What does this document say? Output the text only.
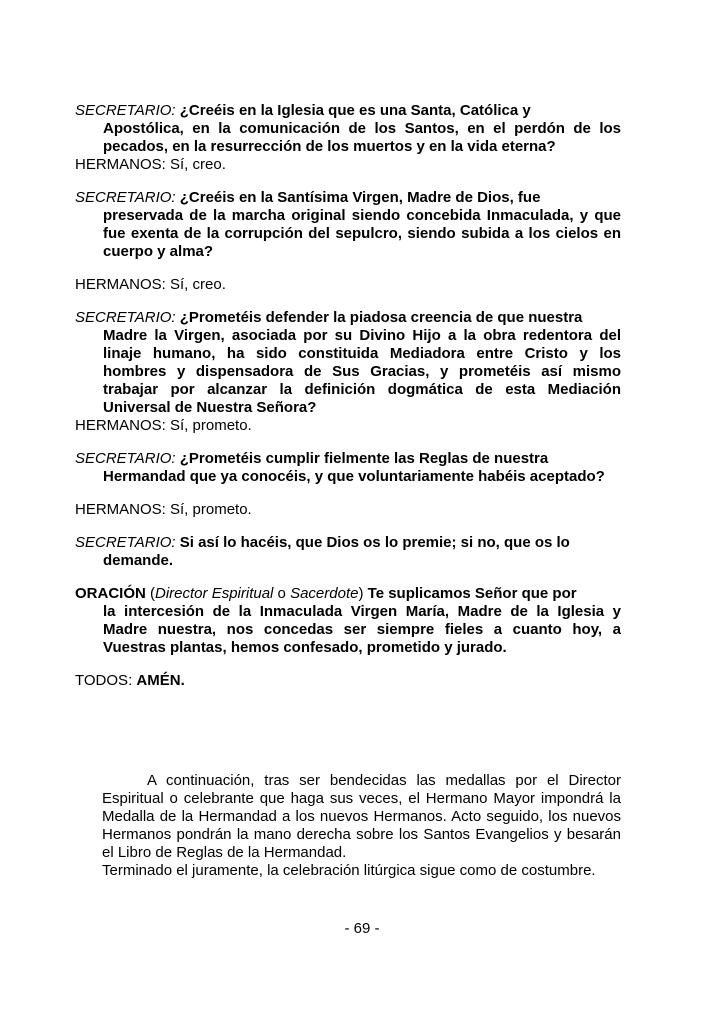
SECRETARIO: ¿Creéis en la Iglesia que es una Santa, Católica y
Apostólica, en la comunicación de los Santos, en el perdón de los pecados, en la resurrección de los muertos y en la vida eterna?

HERMANOS: Sí, creo.

SECRETARIO: ¿Creéis en la Santísima Virgen, Madre de Dios, fue
preservada de la marcha original siendo concebida Inmaculada, y que fue exenta de la corrupción del sepulcro, siendo subida a los cielos en cuerpo y alma?

HERMANOS: Sí, creo.

SECRETARIO: ¿Prometéis defender la piadosa creencia de que nuestra
Madre la Virgen, asociada por su Divino Hijo a la obra redentora del linaje humano, ha sido constituida Mediadora entre Cristo y los hombres y dispensadora de Sus Gracias, y prometéis así mismo trabajar por alcanzar la definición dogmática de esta Mediación Universal de Nuestra Señora?

HERMANOS: Sí, prometo.

SECRETARIO: ¿Prometéis cumplir fielmente las Reglas de nuestra
Hermandad que ya conocéis, y que voluntariamente habéis aceptado?

HERMANOS: Sí, prometo.

SECRETARIO: Si así lo hacéis, que Dios os lo premie; si no, que os lo
demande.

ORACIÓN (Director Espiritual o Sacerdote) Te suplicamos Señor que por
la intercesión de la Inmaculada Virgen María, Madre de la Iglesia y Madre nuestra, nos concedas ser siempre fieles a cuanto hoy, a Vuestras plantas, hemos confesado, prometido y jurado.

TODOS: AMÉN.

A continuación, tras ser bendecidas las medallas por el Director Espiritual o celebrante que haga sus veces, el Hermano Mayor impondrá la Medalla de la Hermandad a los nuevos Hermanos. Acto seguido, los nuevos Hermanos pondrán la mano derecha sobre los Santos Evangelios y besarán el Libro de Reglas de la Hermandad.

Terminado el juramente, la celebración litúrgica sigue como de costumbre.

- 69 -
